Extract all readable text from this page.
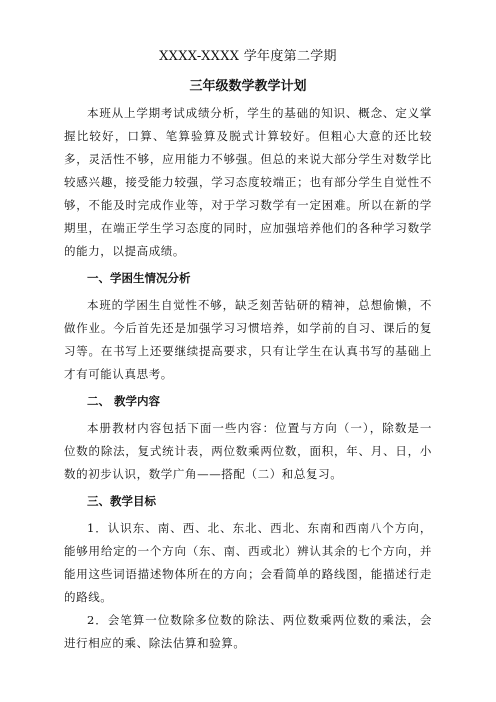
XXXX-XXXX 学年度第二学期
三年级数学教学计划

本班从上学期考试成绩分析，学生的基础的知识、概念、定义掌握比较好，口算、笔算验算及脱式计算较好。但粗心大意的还比较多，灵活性不够，应用能力不够强。但总的来说大部分学生对数学比较感兴趣，接受能力较强，学习态度较端正；也有部分学生自觉性不够，不能及时完成作业等，对于学习数学有一定困难。所以在新的学期里，在端正学生学习态度的同时，应加强培养他们的各种学习数学的能力，以提高成绩。

一、学困生情况分析

本班的学困生自觉性不够，缺乏刻苦钻研的精神，总想偷懒，不做作业。今后首先还是加强学习习惯培养，如学前的自习、课后的复习等。在书写上还要继续提高要求，只有让学生在认真书写的基础上才有可能认真思考。

二、 教学内容

本册教材内容包括下面一些内容：位置与方向（一），除数是一位数的除法，复式统计表，两位数乘两位数，面积，年、月、日，小数的初步认识，数学广角——搭配（二）和总复习。

三、教学目标

1．认识东、南、西、北、东北、西北、东南和西南八个方向，能够用给定的一个方向（东、南、西或北）辨认其余的七个方向，并能用这些词语描述物体所在的方向；会看简单的路线图，能描述行走的路线。

2．会笔算一位数除多位数的除法、两位数乘两位数的乘法，会进行相应的乘、除法估算和验算。
